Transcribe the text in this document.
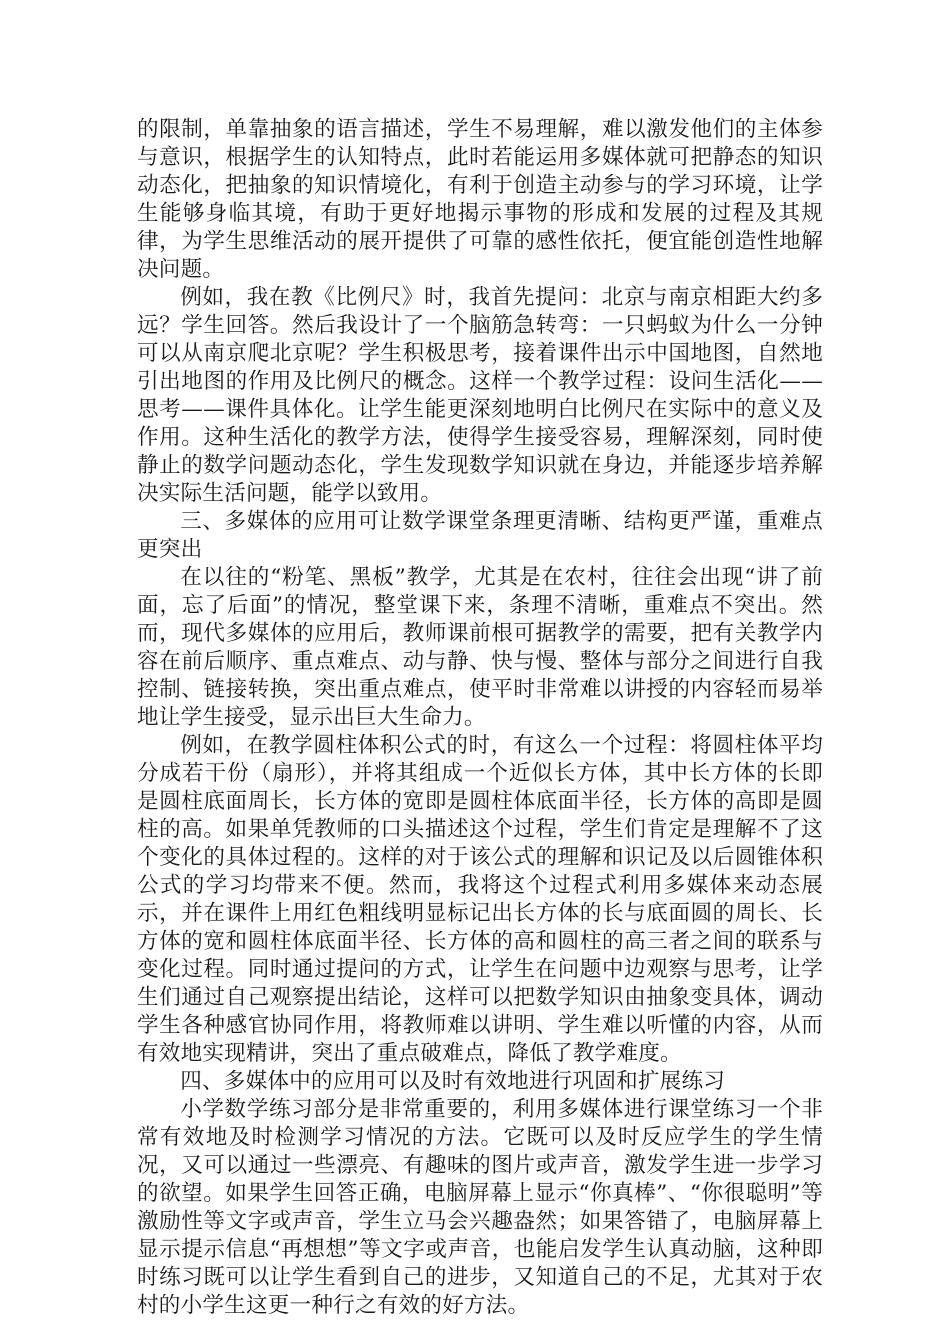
的限制，单靠抽象的语言描述，学生不易理解，难以激发他们的主体参与意识，根据学生的认知特点，此时若能运用多媒体就可把静态的知识动态化，把抽象的知识情境化，有利于创造主动参与的学习环境，让学生能够身临其境，有助于更好地揭示事物的形成和发展的过程及其规律，为学生思维活动的展开提供了可靠的感性依托，便宜能创造性地解决问题。

例如，我在教《比例尺》时，我首先提问：北京与南京相距大约多远？学生回答。然后我设计了一个脑筋急转弯：一只蚂蚁为什么一分钟可以从南京爬北京呢？学生积极思考，接着课件出示中国地图，自然地引出地图的作用及比例尺的概念。这样一个教学过程：设问生活化——思考——课件具体化。让学生能更深刻地明白比例尺在实际中的意义及作用。这种生活化的教学方法，使得学生接受容易，理解深刻，同时使静止的数学问题动态化，学生发现数学知识就在身边，并能逐步培养解决实际生活问题，能学以致用。

三、多媒体的应用可让数学课堂条理更清晰、结构更严谨，重难点更突出

在以往的“粉笔、黑板”教学，尤其是在农村，往往会出现“讲了前面，忘了后面”的情况，整堂课下来，条理不清晰，重难点不突出。然而，现代多媒体的应用后，教师课前根可据教学的需要，把有关教学内容在前后顺序、重点难点、动与静、快与慢、整体与部分之间进行自我控制、链接转换，突出重点难点，使平时非常难以讲授的内容轻而易举地让学生接受，显示出巨大生命力。

例如，在教学圆柱体积公式的时，有这么一个过程：将圆柱体平均分成若干份（扇形），并将其组成一个近似长方体，其中长方体的长即是圆柱底面周长，长方体的宽即是圆柱体底面半径，长方体的高即是圆柱的高。如果单凭教师的口头描述这个过程，学生们肯定是理解不了这个变化的具体过程的。这样的对于该公式的理解和识记及以后圆锥体积公式的学习均带来不便。然而，我将这个过程式利用多媒体来动态展示，并在课件上用红色粗线明显标记出长方体的长与底面圆的周长、长方体的宽和圆柱体底面半径、长方体的高和圆柱的高三者之间的联系与变化过程。同时通过提问的方式，让学生在问题中边观察与思考，让学生们通过自己观察提出结论，这样可以把数学知识由抽象变具体，调动学生各种感官协同作用，将教师难以讲明、学生难以听懂的内容，从而有效地实现精讲，突出了重点破难点，降低了教学难度。

四、多媒体中的应用可以及时有效地进行巩固和扩展练习

小学数学练习部分是非常重要的，利用多媒体进行课堂练习一个非常有效地及时检测学习情况的方法。它既可以及时反应学生的学生情况，又可以通过一些漂亮、有趣味的图片或声音，激发学生进一步学习的欲望。如果学生回答正确，电脑屏幕上显示“你真棒”、“你很聪明”等激励性等文字或声音，学生立马会兴趣盎然；如果答错了，电脑屏幕上显示提示信息“再想想”等文字或声音，也能启发学生认真动脑，这种即时练习既可以让学生看到自己的进步，又知道自己的不足，尤其对于农村的小学生这更一种行之有效的好方法。
